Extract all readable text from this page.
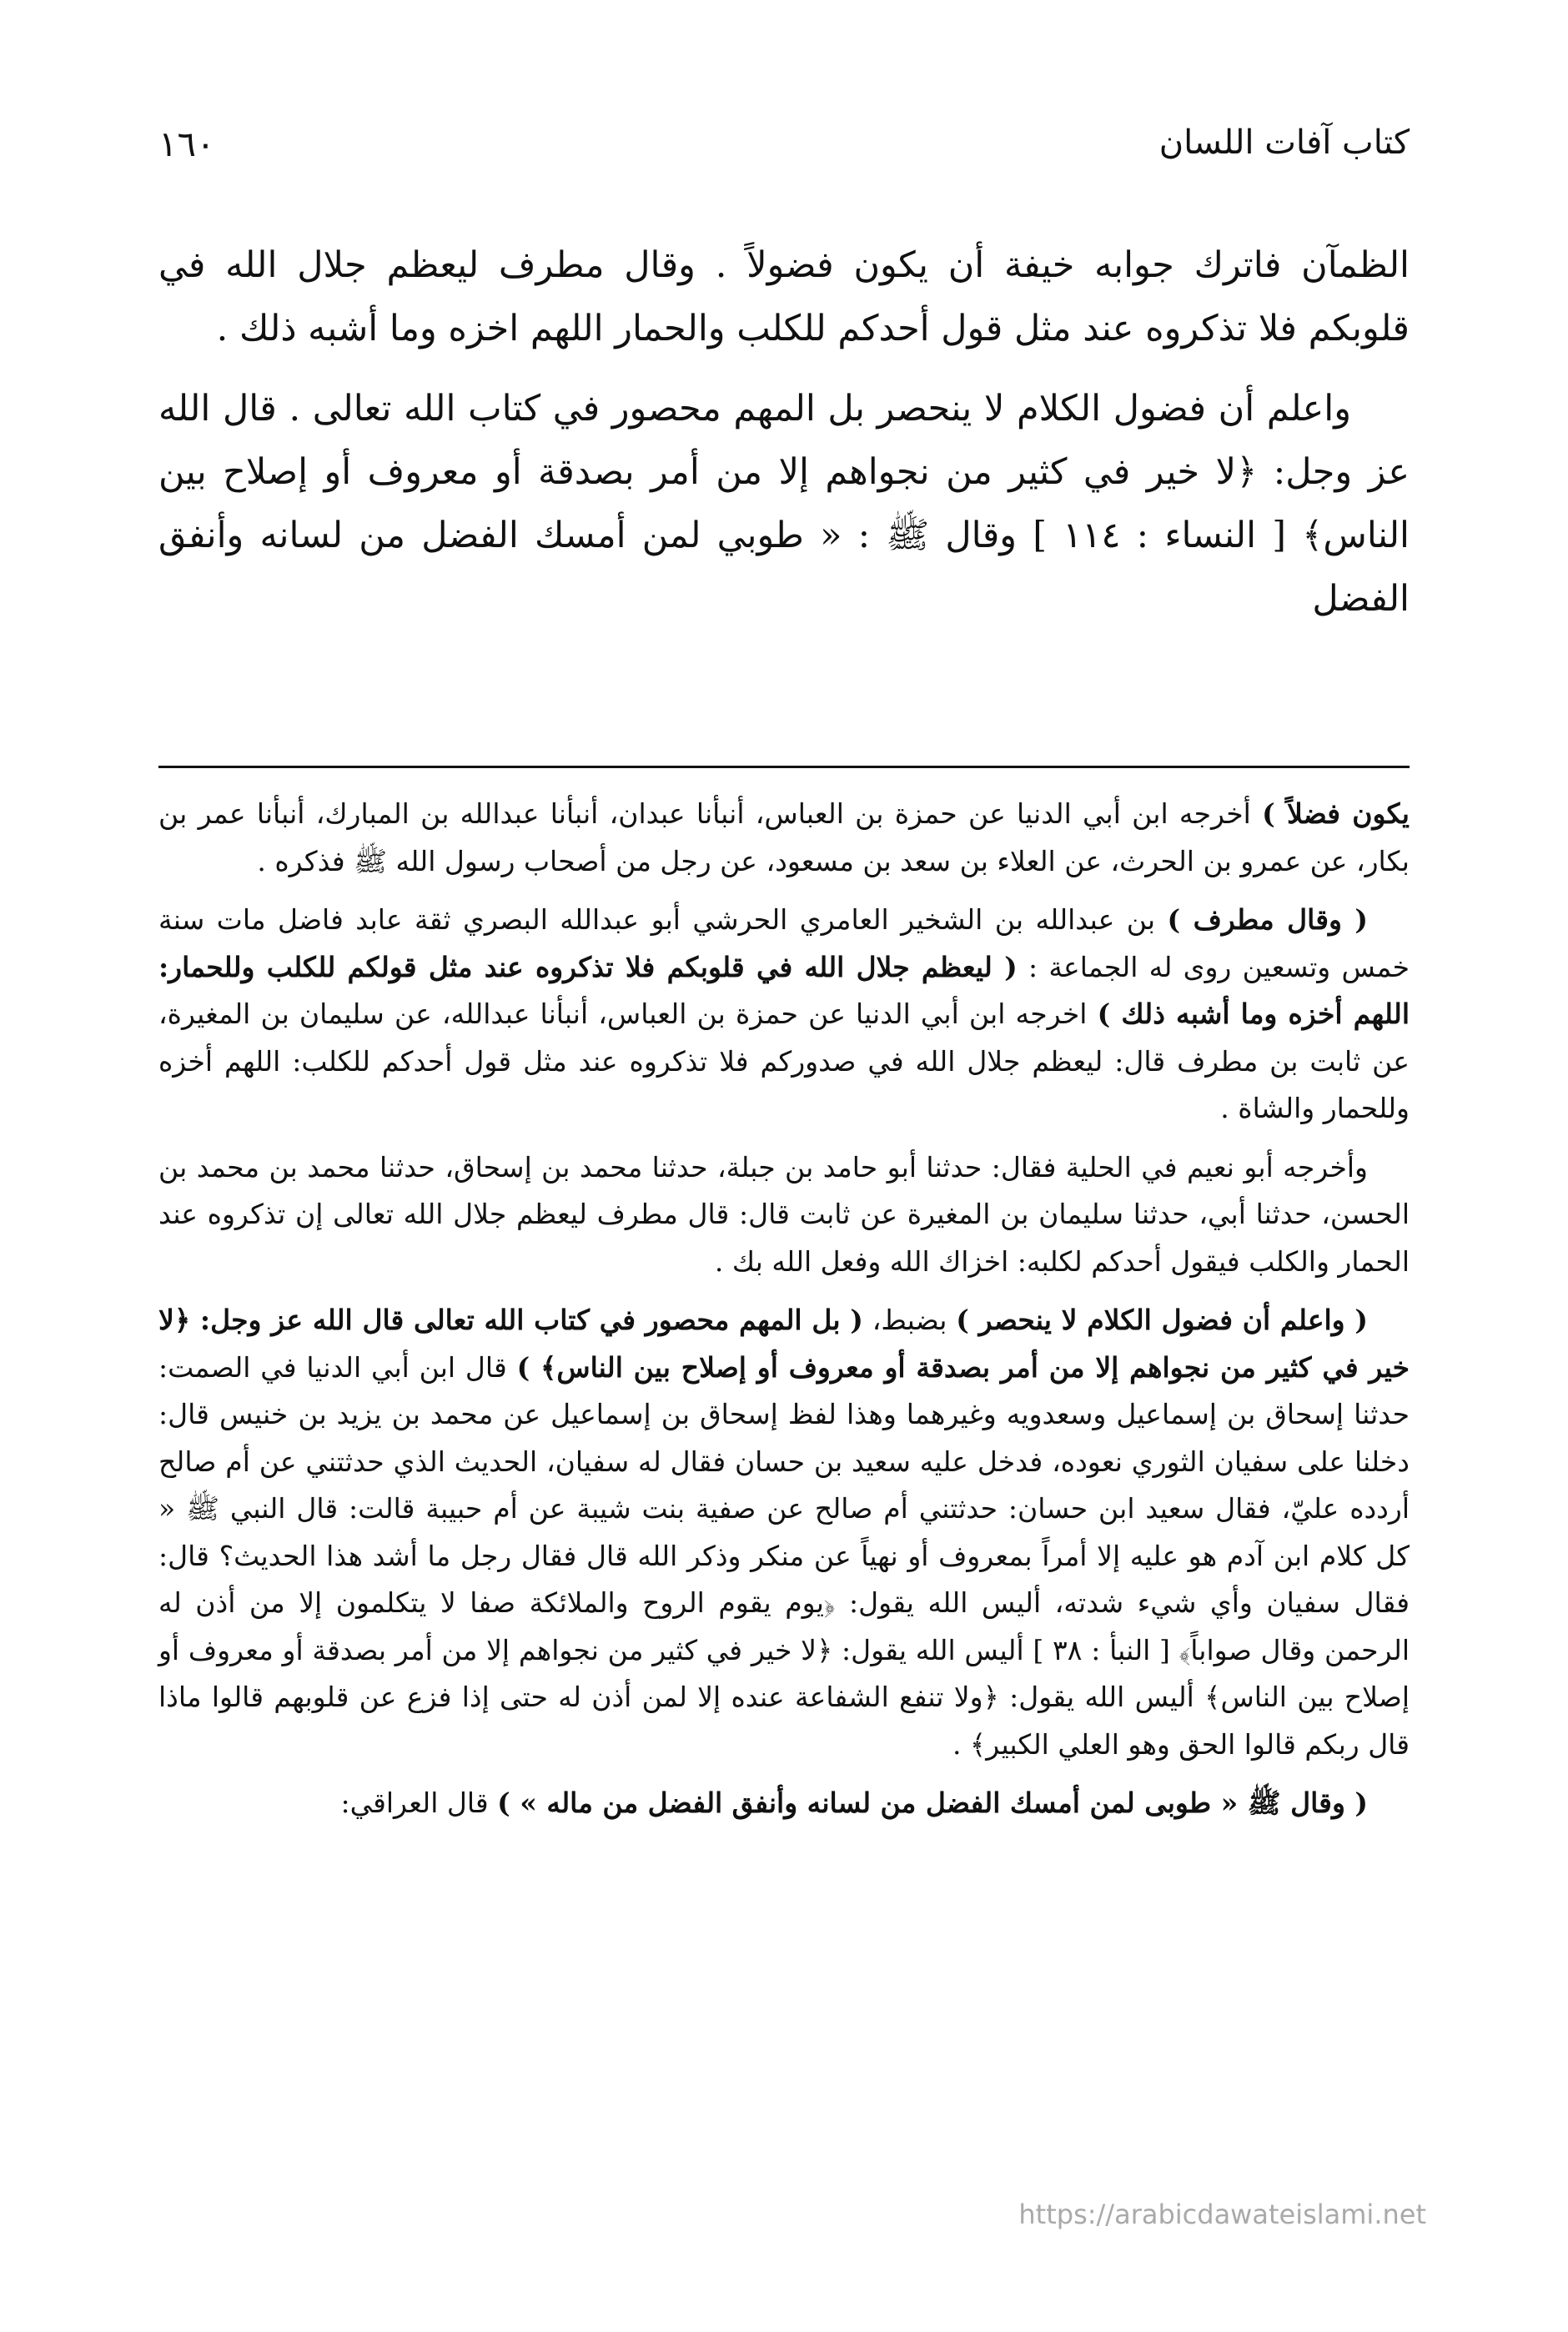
كتاب آفات اللسان
١٦٠

الظمآن فاترك جوابه خيفة أن يكون فضولاً . وقال مطرف ليعظم جلال الله في قلوبكم فلا تذكروه عند مثل قول أحدكم للكلب والحمار اللهم اخزه وما أشبه ذلك .

واعلم أن فضول الكلام لا ينحصر بل المهم محصور في كتاب الله تعالى . قال الله عز وجل: ﴿لا خير في كثير من نجواهم إلا من أمر بصدقة أو معروف أو إصلاح بين الناس﴾ [ النساء : ١١٤ ] وقال ﷺ : « طوبي لمن أمسك الفضل من لسانه وأنفق الفضل

يكون فضلاً ) أخرجه ابن أبي الدنيا عن حمزة بن العباس، أنبأنا عبدان، أنبأنا عبدالله بن المبارك، أنبأنا عمر بن بكار، عن عمرو بن الحرث، عن العلاء بن سعد بن مسعود، عن رجل من أصحاب رسول الله ﷺ فذكره .

( وقال مطرف ) بن عبدالله بن الشخير العامري الحرشي أبو عبدالله البصري ثقة عابد فاضل مات سنة خمس وتسعين روى له الجماعة : ( ليعظم جلال الله في قلوبكم فلا تذكروه عند مثل قولكم للكلب وللحمار: اللهم أخزه وما أشبه ذلك ) اخرجه ابن أبي الدنيا عن حمزة بن العباس، أنبأنا عبدالله، عن سليمان بن المغيرة، عن ثابت بن مطرف قال: ليعظم جلال الله في صدوركم فلا تذكروه عند مثل قول أحدكم للكلب: اللهم أخزه وللحمار والشاة .

وأخرجه أبو نعيم في الحلية فقال: حدثنا أبو حامد بن جبلة، حدثنا محمد بن إسحاق، حدثنا محمد بن محمد بن الحسن، حدثنا أبي، حدثنا سليمان بن المغيرة عن ثابت قال: قال مطرف ليعظم جلال الله تعالى إن تذكروه عند الحمار والكلب فيقول أحدكم لكلبه: اخزاك الله وفعل الله بك .

( واعلم أن فضول الكلام لا ينحصر ) بضبط، ( بل المهم محصور في كتاب الله تعالى قال الله عز وجل: ﴿لا خير في كثير من نجواهم إلا من أمر بصدقة أو معروف أو إصلاح بين الناس﴾ ) قال ابن أبي الدنيا في الصمت: حدثنا إسحاق بن إسماعيل وسعدويه وغيرهما وهذا لفظ إسحاق بن إسماعيل عن محمد بن يزيد بن خنيس قال: دخلنا على سفيان الثوري نعوده، فدخل عليه سعيد بن حسان فقال له سفيان، الحديث الذي حدثتني عن أم صالح أردده عليّ، فقال سعيد ابن حسان: حدثتني أم صالح عن صفية بنت شيبة عن أم حبيبة قالت: قال النبي ﷺ « كل كلام ابن آدم هو عليه إلا أمراً بمعروف أو نهياً عن منكر وذكر الله قال فقال رجل ما أشد هذا الحديث؟ قال: فقال سفيان وأي شيء شدته، أليس الله يقول: ﴿يوم يقوم الروح والملائكة صفا لا يتكلمون إلا من أذن له الرحمن وقال صواباً﴾ [ النبأ : ٣٨ ] أليس الله يقول: ﴿لا خير في كثير من نجواهم إلا من أمر بصدقة أو معروف أو إصلاح بين الناس﴾ أليس الله يقول: ﴿ولا تنفع الشفاعة عنده إلا لمن أذن له حتى إذا فزع عن قلوبهم قالوا ماذا قال ربكم قالوا الحق وهو العلي الكبير﴾ .

( وقال ﷺ « طوبى لمن أمسك الفضل من لسانه وأنفق الفضل من ماله » ) قال العراقي:

https://arabicdawateislami.net
